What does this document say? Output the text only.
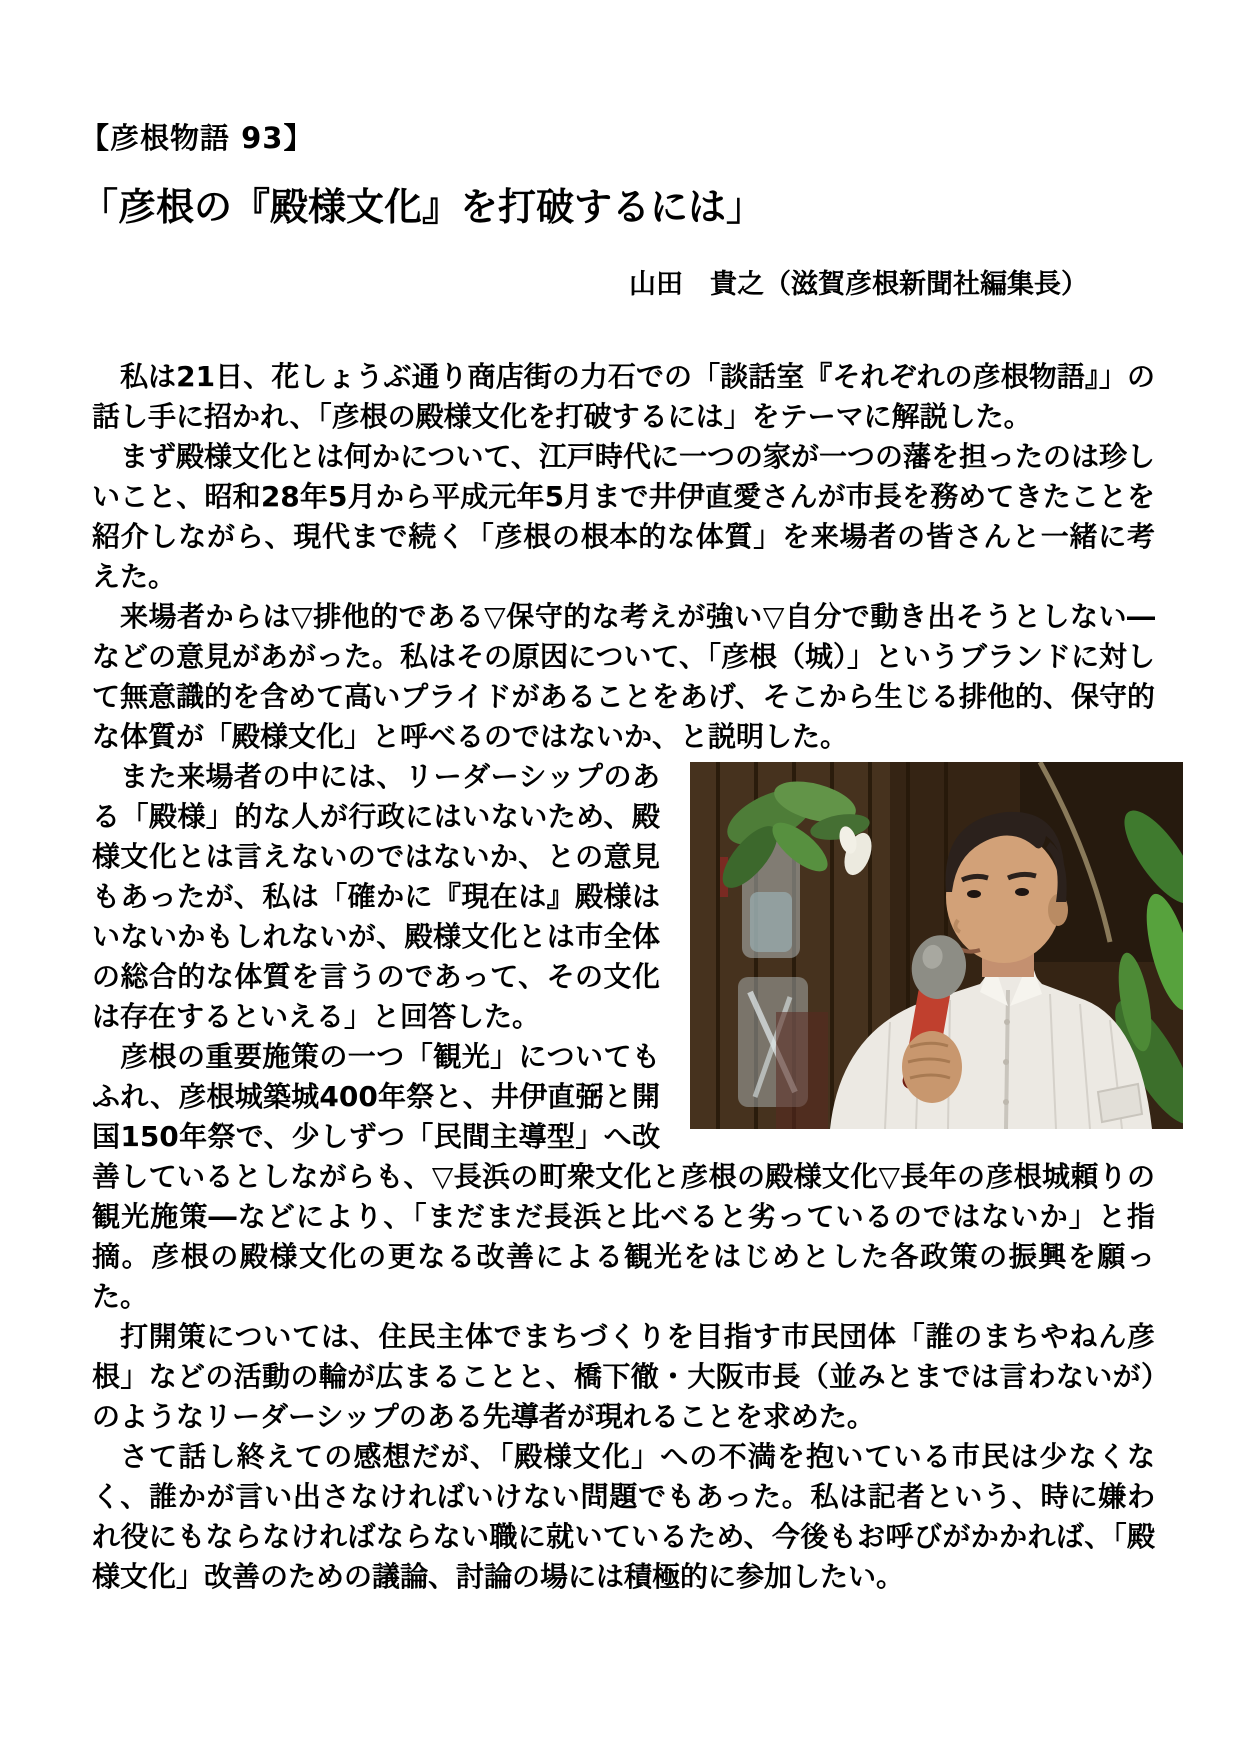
【彦根物語 93】
「彦根の『殿様文化』を打破するには」
山田　貴之（滋賀彦根新聞社編集長）

私は21日、花しょうぶ通り商店街の力石での「談話室『それぞれの彦根物語』」の話し手に招かれ、「彦根の殿様文化を打破するには」をテーマに解説した。

まず殿様文化とは何かについて、江戸時代に一つの家が一つの藩を担ったのは珍しいこと、昭和28年5月から平成元年5月まで井伊直愛さんが市長を務めてきたことを紹介しながら、現代まで続く「彦根の根本的な体質」を来場者の皆さんと一緒に考えた。

来場者からは▽排他的である▽保守的な考えが強い▽自分で動き出そうとしない―などの意見があがった。私はその原因について、「彦根（城）」というブランドに対して無意識的を含めて高いプライドがあることをあげ、そこから生じる排他的、保守的な体質が「殿様文化」と呼べるのではないか、と説明した。

また来場者の中には、リーダーシップのある「殿様」的な人が行政にはいないため、殿様文化とは言えないのではないか、との意見もあったが、私は「確かに『現在は』殿様はいないかもしれないが、殿様文化とは市全体の総合的な体質を言うのであって、その文化は存在するといえる」と回答した。

彦根の重要施策の一つ「観光」についてもふれ、彦根城築城400年祭と、井伊直弼と開国150年祭で、少しずつ「民間主導型」へ改善しているとしながらも、▽長浜の町衆文化と彦根の殿様文化▽長年の彦根城頼りの観光施策―などにより、「まだまだ長浜と比べると劣っているのではないか」と指摘。彦根の殿様文化の更なる改善による観光をはじめとした各政策の振興を願った。

打開策については、住民主体でまちづくりを目指す市民団体「誰のまちやねん彦根」などの活動の輪が広まることと、橋下徹・大阪市長（並みとまでは言わないが）のようなリーダーシップのある先導者が現れることを求めた。

さて話し終えての感想だが、「殿様文化」への不満を抱いている市民は少なくなく、誰かが言い出さなければいけない問題でもあった。私は記者という、時に嫌われ役にもならなければならない職に就いているため、今後もお呼びがかかれば、「殿様文化」改善のための議論、討論の場には積極的に参加したい。
